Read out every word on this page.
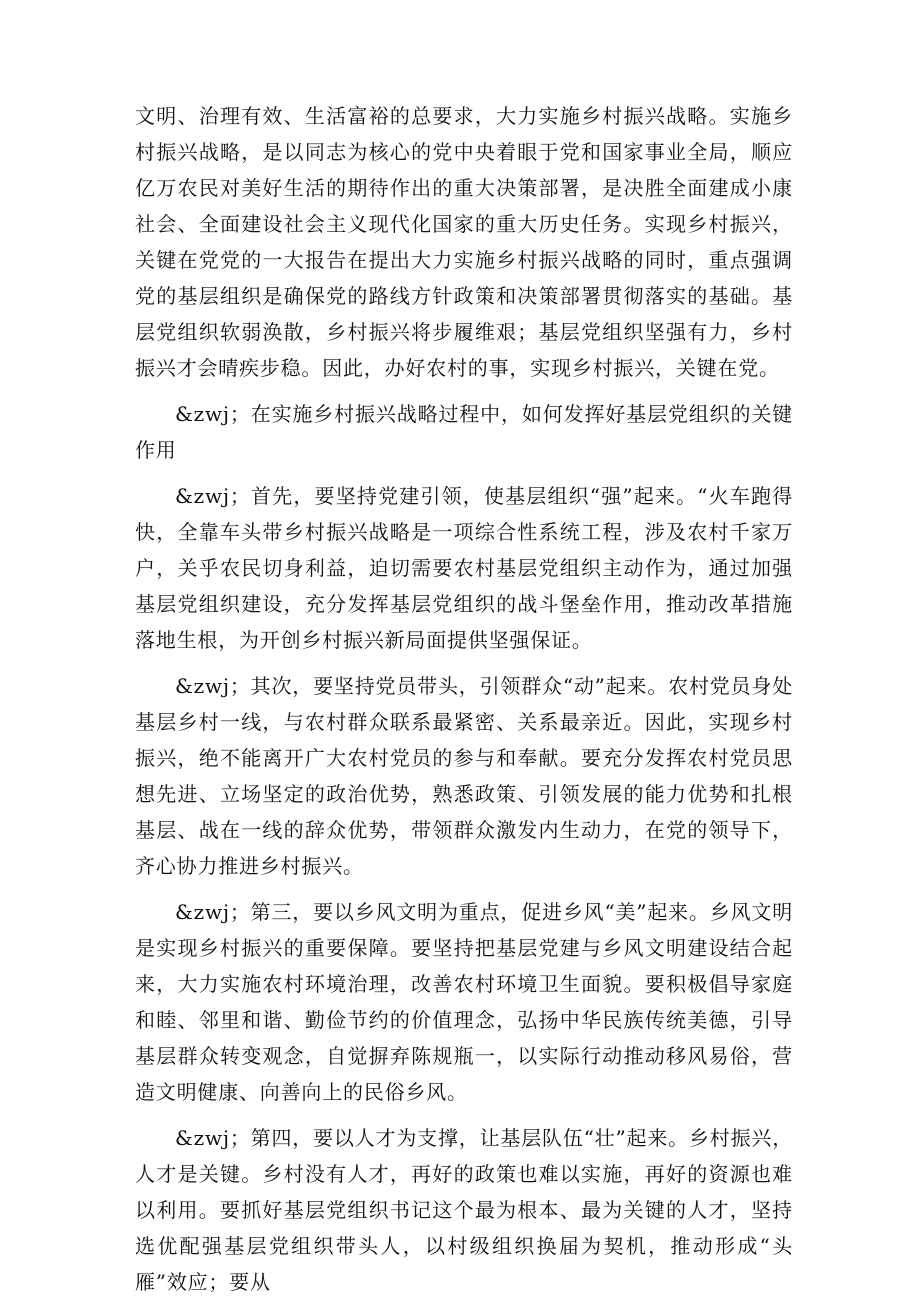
文明、治理有效、生活富裕的总要求，大力实施乡村振兴战略。实施乡村振兴战略，是以同志为核心的党中央着眼于党和国家事业全局，顺应亿万农民对美好生活的期待作出的重大决策部署，是决胜全面建成小康社会、全面建设社会主义现代化国家的重大历史任务。实现乡村振兴，关键在党党的一大报告在提出大力实施乡村振兴战略的同时，重点强调党的基层组织是确保党的路线方针政策和决策部署贯彻落实的基础。基层党组织软弱涣散，乡村振兴将步履维艰；基层党组织坚强有力，乡村振兴才会晴疾步稳。因此，办好农村的事，实现乡村振兴，关键在党。

&zwj；在实施乡村振兴战略过程中，如何发挥好基层党组织的关键作用

&zwj；首先，要坚持党建引领，使基层组织“强”起来。“火车跑得快，全靠车头带乡村振兴战略是一项综合性系统工程，涉及农村千家万户，关乎农民切身利益，迫切需要农村基层党组织主动作为，通过加强基层党组织建设，充分发挥基层党组织的战斗堡垒作用，推动改革措施落地生根，为开创乡村振兴新局面提供坚强保证。

&zwj；其次，要坚持党员带头，引领群众“动”起来。农村党员身处基层乡村一线，与农村群众联系最紧密、关系最亲近。因此，实现乡村振兴，绝不能离开广大农村党员的参与和奉献。要充分发挥农村党员思想先进、立场坚定的政治优势，熟悉政策、引领发展的能力优势和扎根基层、战在一线的辞众优势，带领群众激发内生动力，在党的领导下，齐心协力推进乡村振兴。

&zwj；第三，要以乡风文明为重点，促进乡风“美”起来。乡风文明是实现乡村振兴的重要保障。要坚持把基层党建与乡风文明建设结合起来，大力实施农村环境治理，改善农村环境卫生面貌。要积极倡导家庭和睦、邻里和谐、勤俭节约的价值理念，弘扬中华民族传统美德，引导基层群众转变观念，自觉摒弃陈规瓶一，以实际行动推动移风易俗，营造文明健康、向善向上的民俗乡风。

&zwj；第四，要以人才为支撑，让基层队伍“壮”起来。乡村振兴，人才是关键。乡村没有人才，再好的政策也难以实施，再好的资源也难以利用。要抓好基层党组织书记这个最为根本、最为关键的人才，坚持选优配强基层党组织带头人，以村级组织换届为契机，推动形成“头雁”效应；要从
